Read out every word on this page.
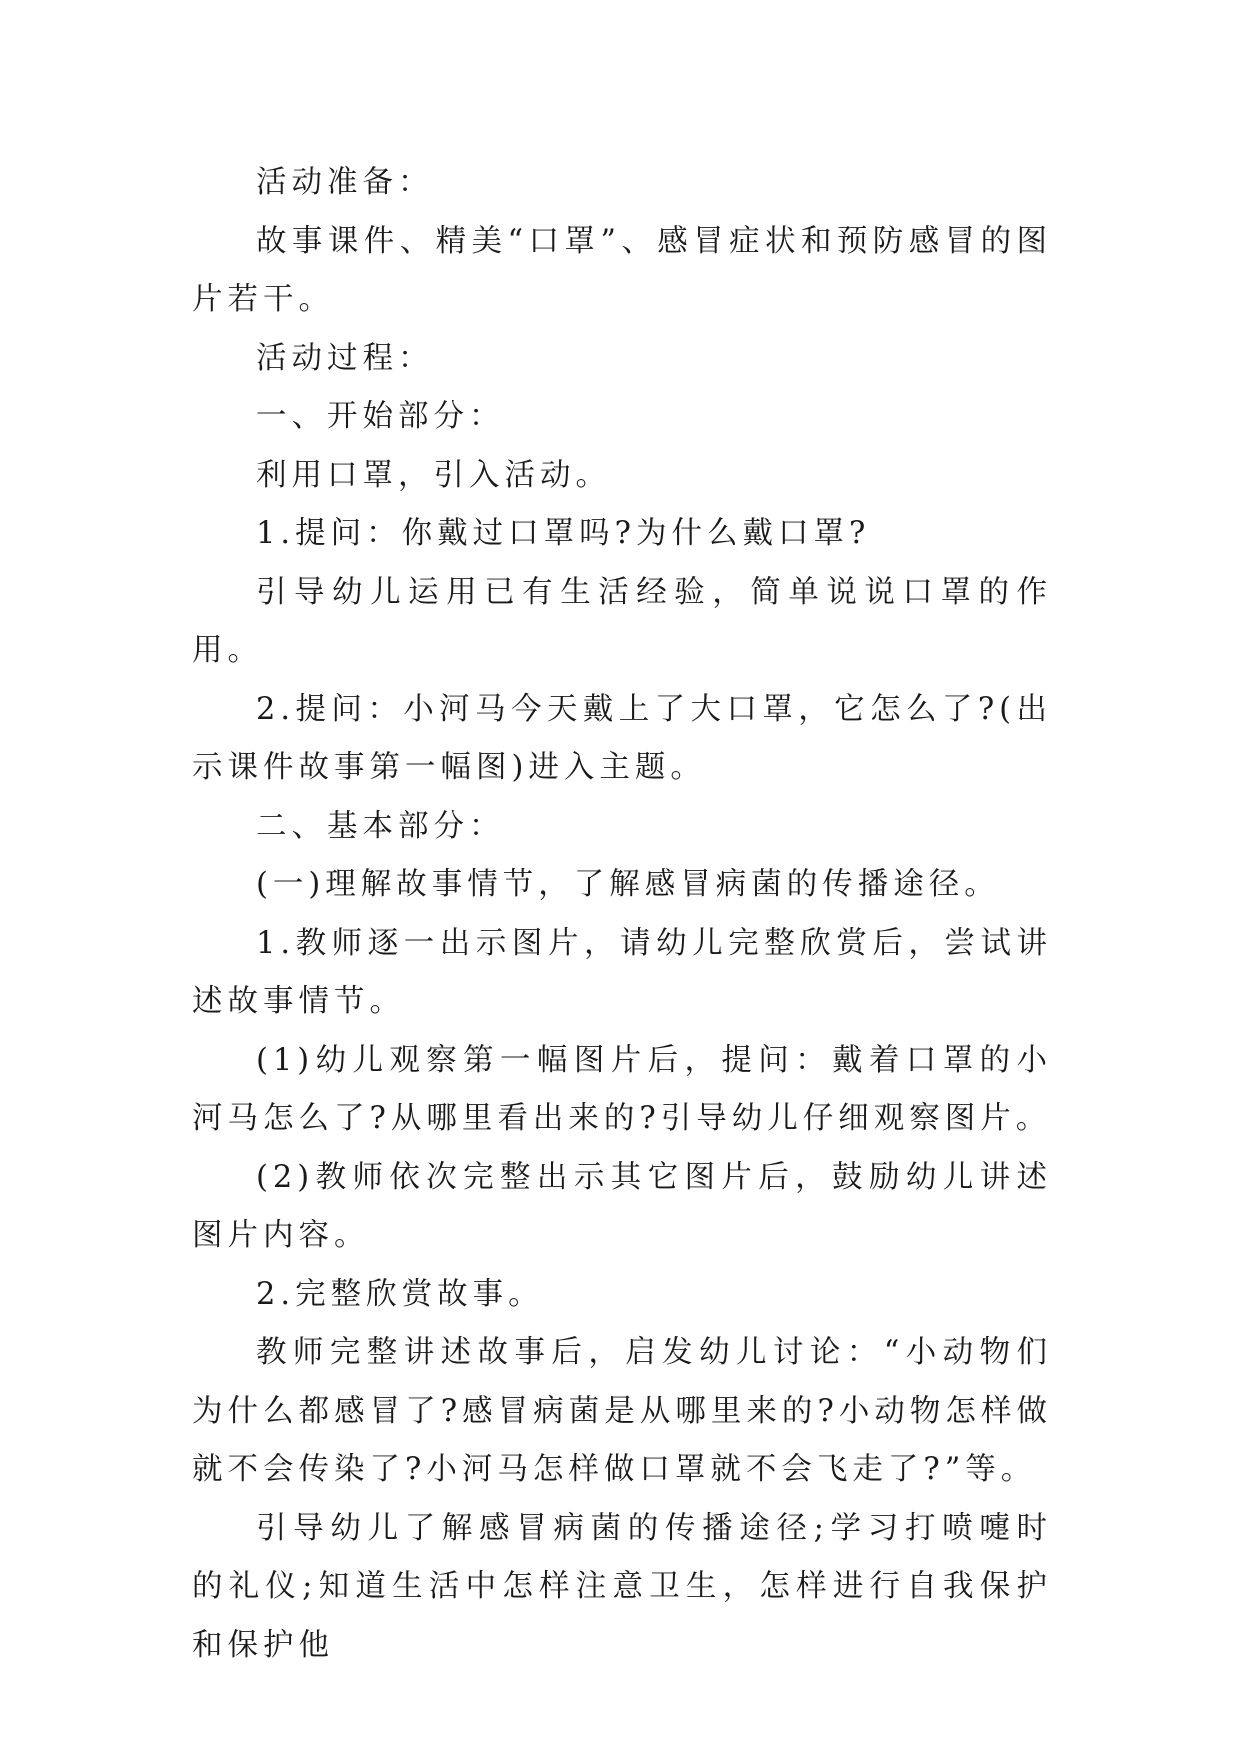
活动准备：

故事课件、精美“口罩”、感冒症状和预防感冒的图片若干。

活动过程：

一、开始部分：

利用口罩，引入活动。

1.提问：你戴过口罩吗?为什么戴口罩?

引导幼儿运用已有生活经验，简单说说口罩的作用。

2.提问：小河马今天戴上了大口罩，它怎么了?(出示课件故事第一幅图)进入主题。

二、基本部分：

(一)理解故事情节，了解感冒病菌的传播途径。

1.教师逐一出示图片，请幼儿完整欣赏后，尝试讲述故事情节。

(1)幼儿观察第一幅图片后，提问：戴着口罩的小河马怎么了?从哪里看出来的?引导幼儿仔细观察图片。

(2)教师依次完整出示其它图片后，鼓励幼儿讲述图片内容。

2.完整欣赏故事。

教师完整讲述故事后，启发幼儿讨论：“小动物们为什么都感冒了?感冒病菌是从哪里来的?小动物怎样做就不会传染了?小河马怎样做口罩就不会飞走了?”等。

引导幼儿了解感冒病菌的传播途径;学习打喷嚏时的礼仪;知道生活中怎样注意卫生，怎样进行自我保护和保护他
